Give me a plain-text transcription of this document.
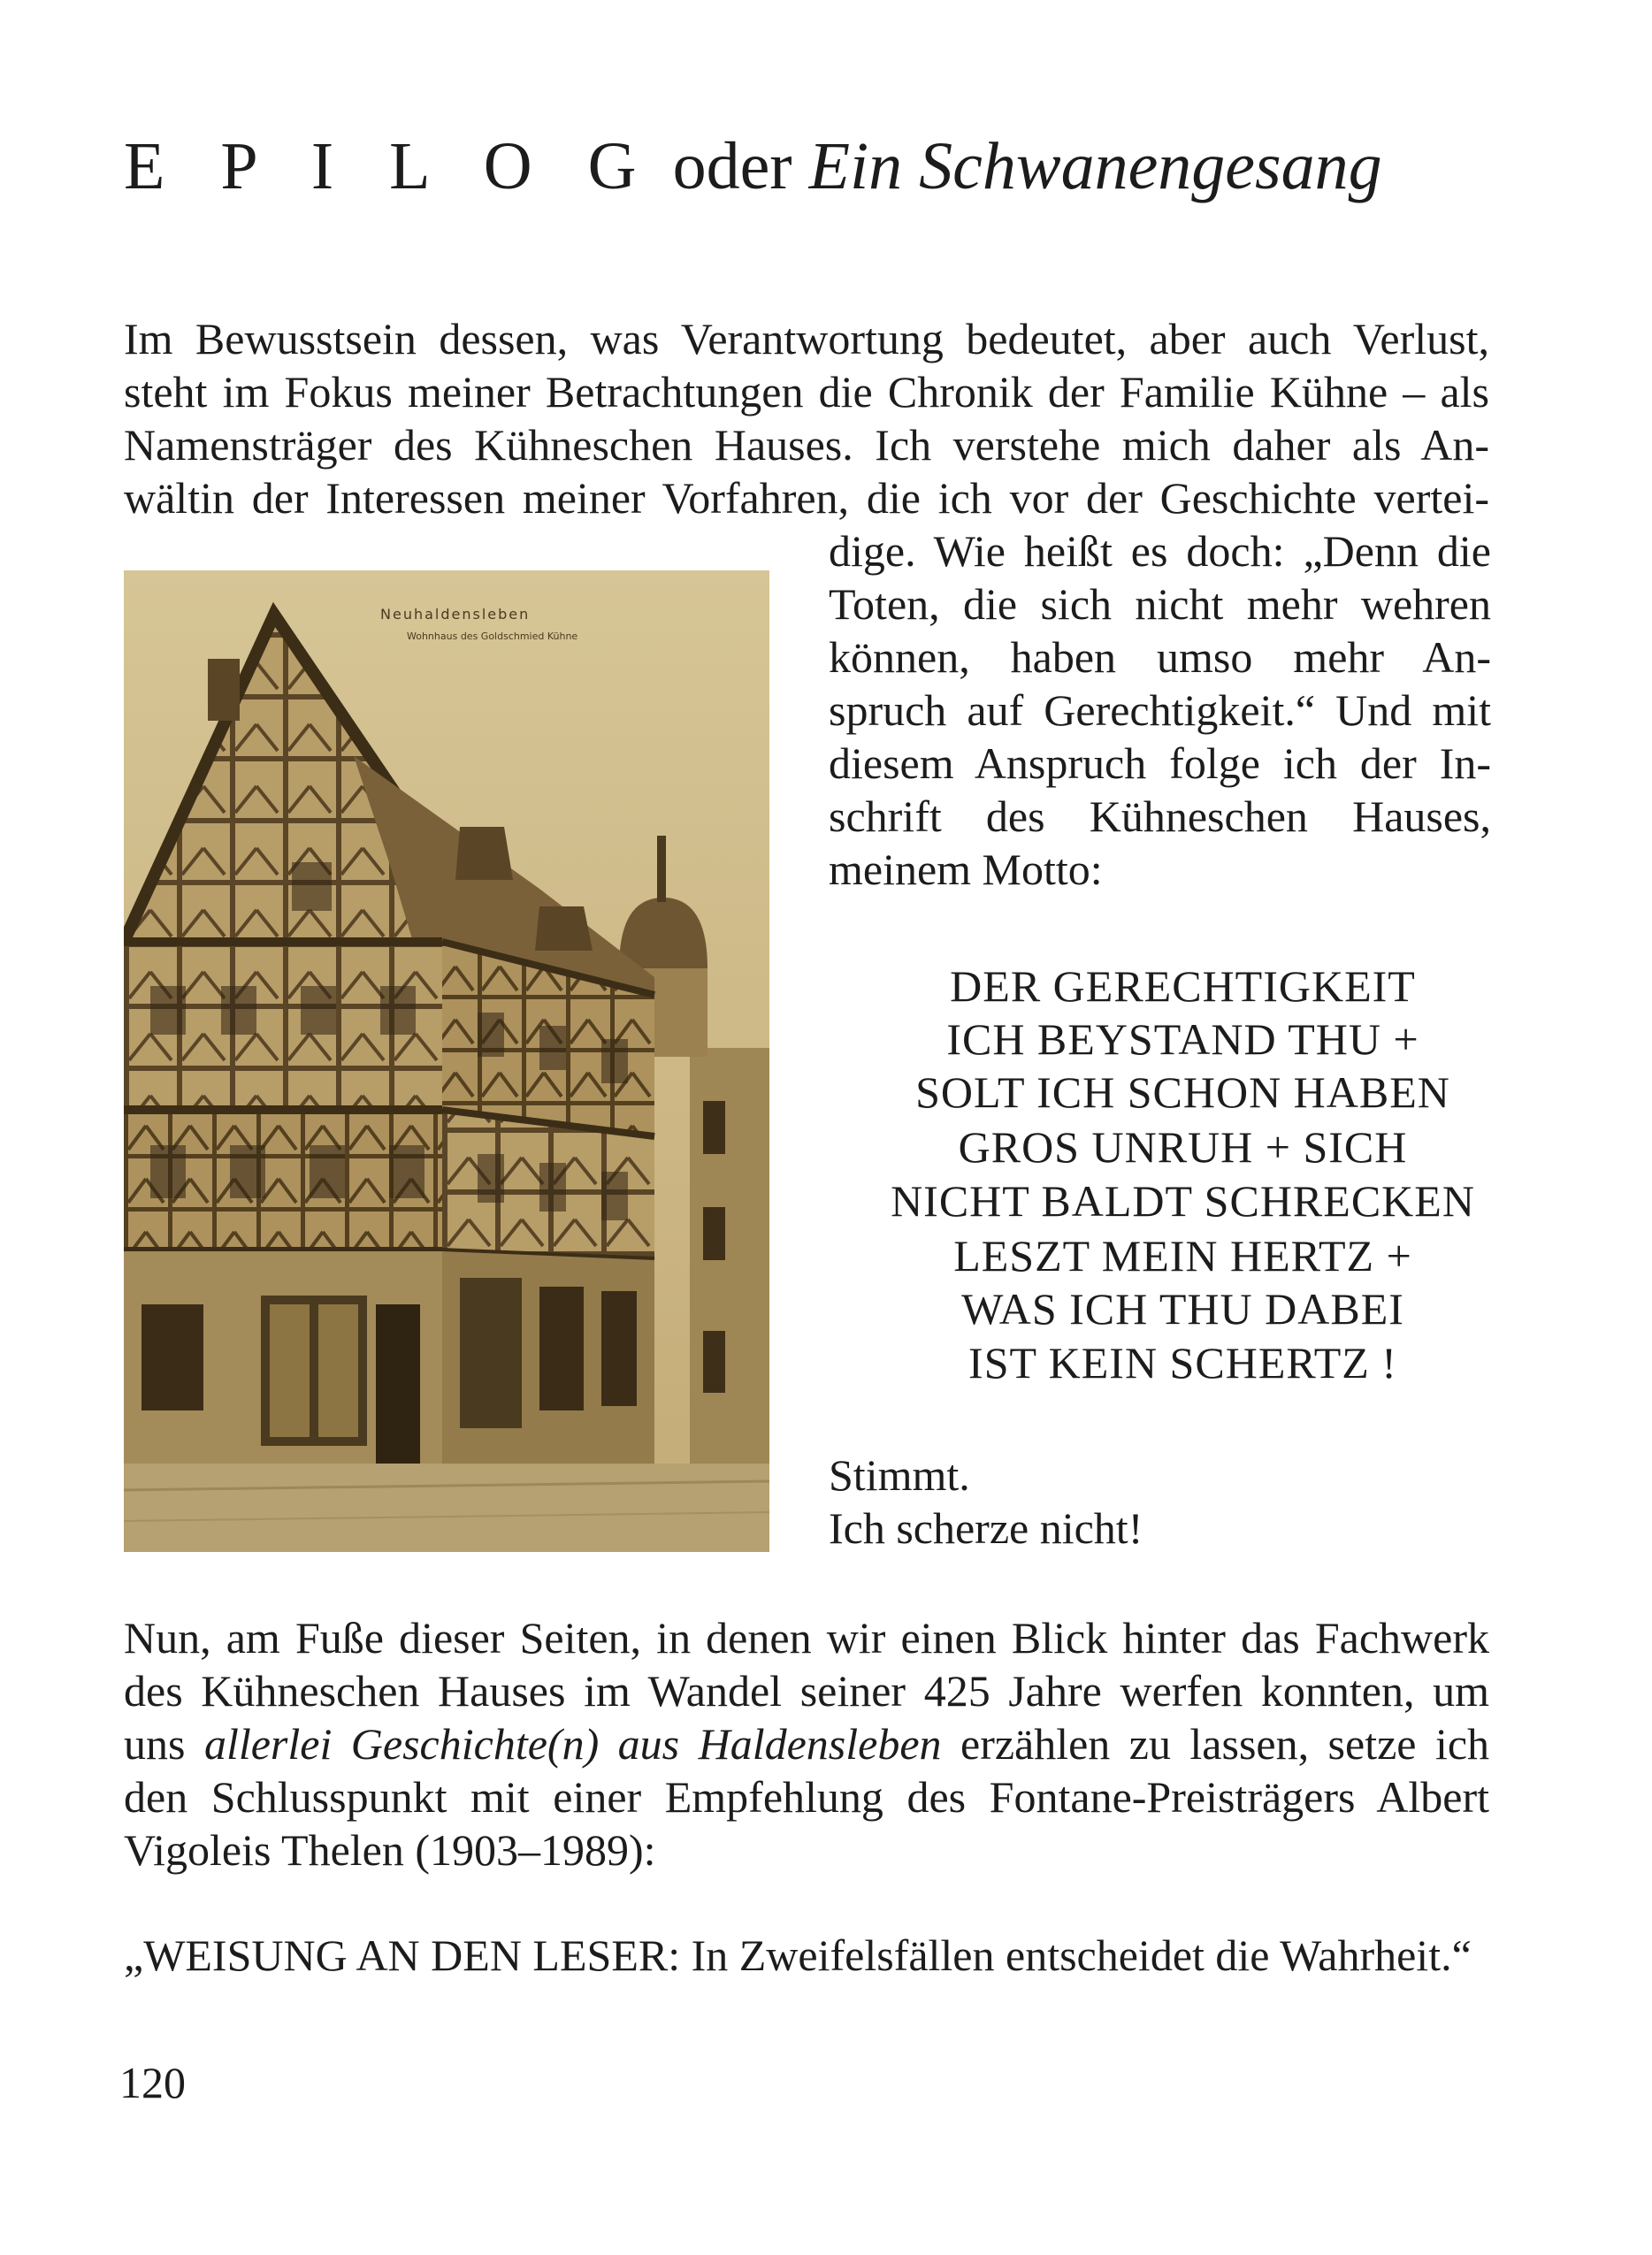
E P I L O G oder Ein Schwanengesang
Im Bewusstsein dessen, was Verantwortung bedeutet, aber auch Verlust,
steht im Fokus meiner Betrachtungen die Chronik der Familie Kühne – als
Namensträger des Kühneschen Hauses. Ich verstehe mich daher als An-
wältin der Interessen meiner Vorfahren, die ich vor der Geschichte vertei-
dige. Wie heißt es doch: „Denn die
Toten, die sich nicht mehr wehren
können, haben umso mehr An-
spruch auf Gerechtigkeit.“ Und mit
diesem Anspruch folge ich der In-
schrift des Kühneschen Hauses,
meinem Motto:
DER GERECHTIGKEIT
ICH BEYSTAND THU +
SOLT ICH SCHON HABEN
GROS UNRUH + SICH
NICHT BALDT SCHRECKEN
LESZT MEIN HERTZ +
WAS ICH THU DABEI
IST KEIN SCHERTZ !
Stimmt.
Ich scherze nicht!
Neuhaldensleben
Wohnhaus des Goldschmied Kühne
Nun, am Fuße dieser Seiten, in denen wir einen Blick hinter das Fachwerk
des Kühneschen Hauses im Wandel seiner 425 Jahre werfen konnten, um
uns allerlei Geschichte(n) aus Haldensleben erzählen zu lassen, setze ich
den Schlusspunkt mit einer Empfehlung des Fontane-Preisträgers Albert
Vigoleis Thelen (1903–1989):
„WEISUNG AN DEN LESER: In Zweifelsfällen entscheidet die Wahrheit.“
120
